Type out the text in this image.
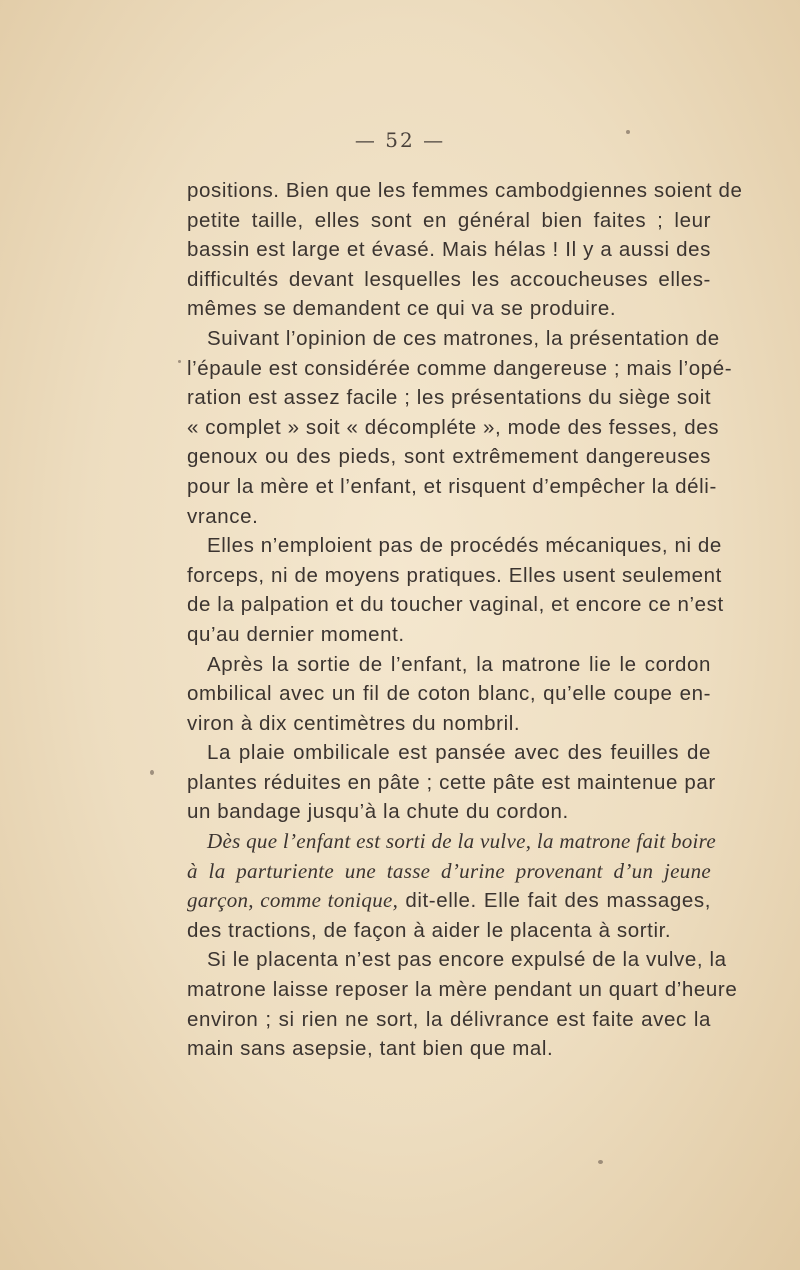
— 52 —
positions. Bien que les femmes cambodgiennes soient de
petite taille, elles sont en général bien faites ; leur
bassin est large et évasé. Mais hélas ! Il y a aussi des
difficultés devant lesquelles les accoucheuses elles-
mêmes se demandent ce qui va se produire.
Suivant l’opinion de ces matrones, la présentation de
l’épaule est considérée comme dangereuse ; mais l’opé-
ration est assez facile ; les présentations du siège soit
« complet » soit « décompléte », mode des fesses, des
genoux ou des pieds, sont extrêmement dangereuses
pour la mère et l’enfant, et risquent d’empêcher la déli-
vrance.
Elles n’emploient pas de procédés mécaniques, ni de
forceps, ni de moyens pratiques. Elles usent seulement
de la palpation et du toucher vaginal, et encore ce n’est
qu’au dernier moment.
Après la sortie de l’enfant, la matrone lie le cordon
ombilical avec un fil de coton blanc, qu’elle coupe en-
viron à dix centimètres du nombril.
La plaie ombilicale est pansée avec des feuilles de
plantes réduites en pâte ; cette pâte est maintenue par
un bandage jusqu’à la chute du cordon.
Dès que l’enfant est sorti de la vulve, la matrone fait boire
à la parturiente une tasse d’urine provenant d’un jeune
garçon, comme tonique, dit-elle. Elle fait des massages,
des tractions, de façon à aider le placenta à sortir.
Si le placenta n’est pas encore expulsé de la vulve, la
matrone laisse reposer la mère pendant un quart d’heure
environ ; si rien ne sort, la délivrance est faite avec la
main sans asepsie, tant bien que mal.
